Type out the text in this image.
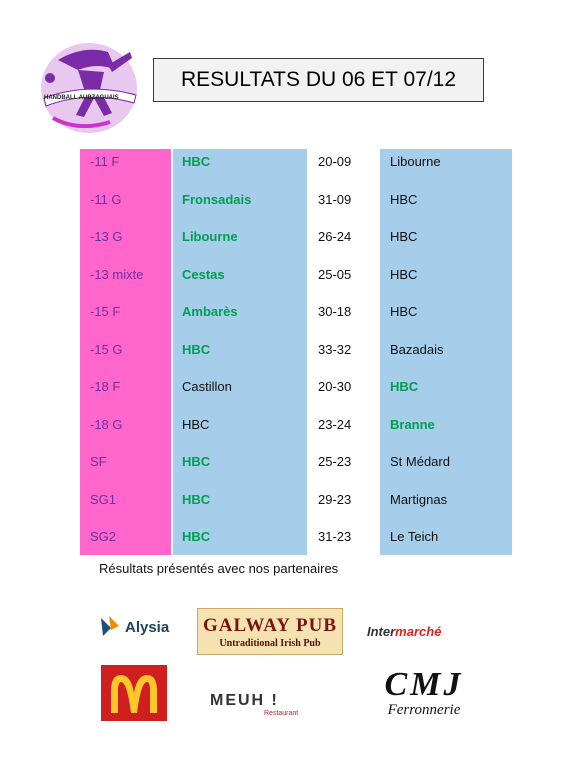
HANDBALL AUBZAGUAIS
RESULTATS DU 06 ET 07/12
-11 F	HBC	20-09	Libourne
-11 G	Fronsadais	31-09	HBC
-13 G	Libourne	26-24	HBC
-13 mixte	Cestas	25-05	HBC
-15 F	Ambarès	30-18	HBC
-15 G	HBC	33-32	Bazadais
-18 F	Castillon	20-30	HBC
-18 G	HBC	23-24	Branne
SF	HBC	25-23	St Médard
SG1	HBC	29-23	Martignas
SG2	HBC	31-23	Le Teich
Résultats présentés avec nos partenaires
Alysia GALWAY PUB
Untraditional Irish Pub
Intermarché
MEUH !
Restaurant
CMJ
Ferronnerie
